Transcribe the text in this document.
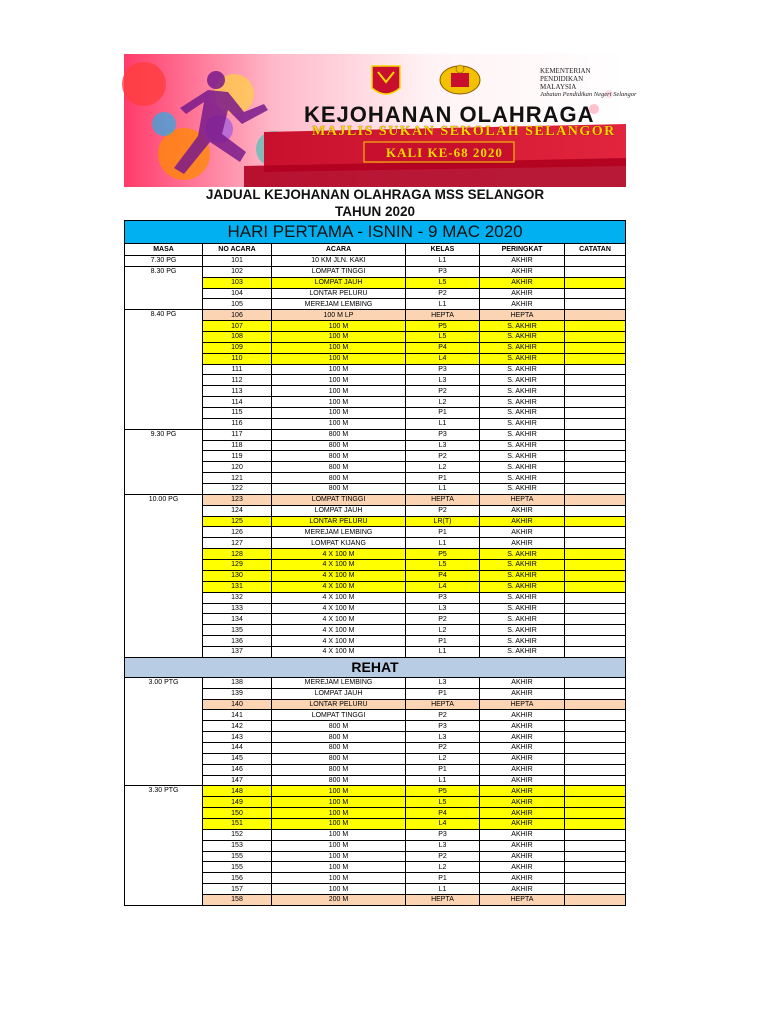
KEMENTERIAN
PENDIDIKAN
MALAYSIA
Jabatan Pendidikan Negeri Selangor
KEJOHANAN OLAHRAGA
MAJLIS SUKAN SEKOLAH SELANGOR
KALI KE-68 2020
JADUAL KEJOHANAN OLAHRAGA MSS SELANGOR
TAHUN 2020
HARI PERTAMA - ISNIN - 9 MAC 2020					
MASA	NO ACARA	ACARA	KELAS	PERINGKAT	CATATAN
7.30 PG	101	10 KM JLN. KAKI	L1	AKHIR	
8.30 PG	102	LOMPAT TINGGI	P3	AKHIR	
	103	LOMPAT JAUH	L5	AKHIR	
	104	LONTAR PELURU	P2	AKHIR	
	105	MEREJAM LEMBING	L1	AKHIR	
8.40 PG	106	100 M LP	HEPTA	HEPTA	
	107	100 M	P5	S. AKHIR	
	108	100 M	L5	S. AKHIR	
	109	100 M	P4	S. AKHIR	
	110	100 M	L4	S. AKHIR	
	111	100 M	P3	S. AKHIR	
	112	100 M	L3	S. AKHIR	
	113	100 M	P2	S. AKHIR	
	114	100 M	L2	S. AKHIR	
	115	100 M	P1	S. AKHIR	
	116	100 M	L1	S. AKHIR	
9.30 PG	117	800 M	P3	S. AKHIR	
	118	800 M	L3	S. AKHIR	
	119	800 M	P2	S. AKHIR	
	120	800 M	L2	S. AKHIR	
	121	800 M	P1	S. AKHIR	
	122	800 M	L1	S. AKHIR	
10.00 PG	123	LOMPAT TINGGI	HEPTA	HEPTA	
	124	LOMPAT JAUH	P2	AKHIR	
	125	LONTAR PELURU	LR(T)	AKHIR	
	126	MEREJAM LEMBING	P1	AKHIR	
	127	LOMPAT KIJANG	L1	AKHIR	
	128	4 X 100 M	P5	S. AKHIR	
	129	4 X 100 M	L5	S. AKHIR	
	130	4 X 100 M	P4	S. AKHIR	
	131	4 X 100 M	L4	S. AKHIR	
	132	4 X 100 M	P3	S. AKHIR	
	133	4 X 100 M	L3	S. AKHIR	
	134	4 X 100 M	P2	S. AKHIR	
	135	4 X 100 M	L2	S. AKHIR	
	136	4 X 100 M	P1	S. AKHIR	
	137	4 X 100 M	L1	S. AKHIR	
REHAT					
3.00 PTG	138	MEREJAM LEMBING	L3	AKHIR	
	139	LOMPAT JAUH	P1	AKHIR	
	140	LONTAR PELURU	HEPTA	HEPTA	
	141	LOMPAT TINGGI	P2	AKHIR	
	142	800 M	P3	AKHIR	
	143	800 M	L3	AKHIR	
	144	800 M	P2	AKHIR	
	145	800 M	L2	AKHIR	
	146	800 M	P1	AKHIR	
	147	800 M	L1	AKHIR	
3.30 PTG	148	100 M	P5	AKHIR	
	149	100 M	L5	AKHIR	
	150	100 M	P4	AKHIR	
	151	100 M	L4	AKHIR	
	152	100 M	P3	AKHIR	
	153	100 M	L3	AKHIR	
	155	100 M	P2	AKHIR	
	155	100 M	L2	AKHIR	
	156	100 M	P1	AKHIR	
	157	100 M	L1	AKHIR	
	158	200 M	HEPTA	HEPTA	
